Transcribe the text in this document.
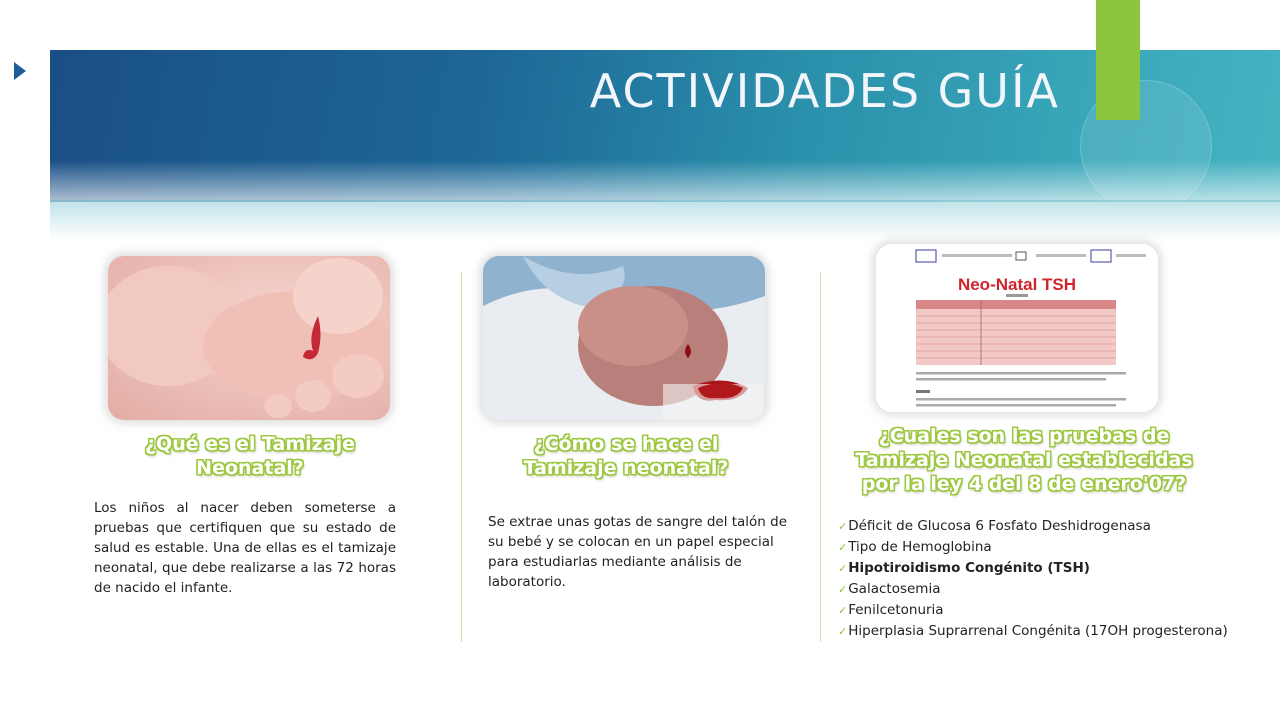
ACTIVIDADES GUÍA
¿Qué es el Tamizaje Neonatal?

Los niños al nacer deben someterse a pruebas que certifiquen que su estado de salud es estable. Una de ellas es el tamizaje neonatal, que debe realizarse a las 72 horas de nacido el infante.

¿Cómo se hace el Tamizaje neonatal?

Se extrae unas gotas de sangre del talón de su bebé y se colocan en un papel especial para estudiarlas mediante análisis de laboratorio.

Neo-Natal TSH
¿Cuales son las pruebas de Tamizaje Neonatal establecidas por la ley 4 del 8 de enero'07?
✓Déficit de Glucosa 6 Fosfato Deshidrogenasa
✓Tipo de Hemoglobina
✓Hipotiroidismo Congénito (TSH)
✓Galactosemia
✓Fenilcetonuria
✓Hiperplasia Suprarrenal Congénita (17OH progesterona)
